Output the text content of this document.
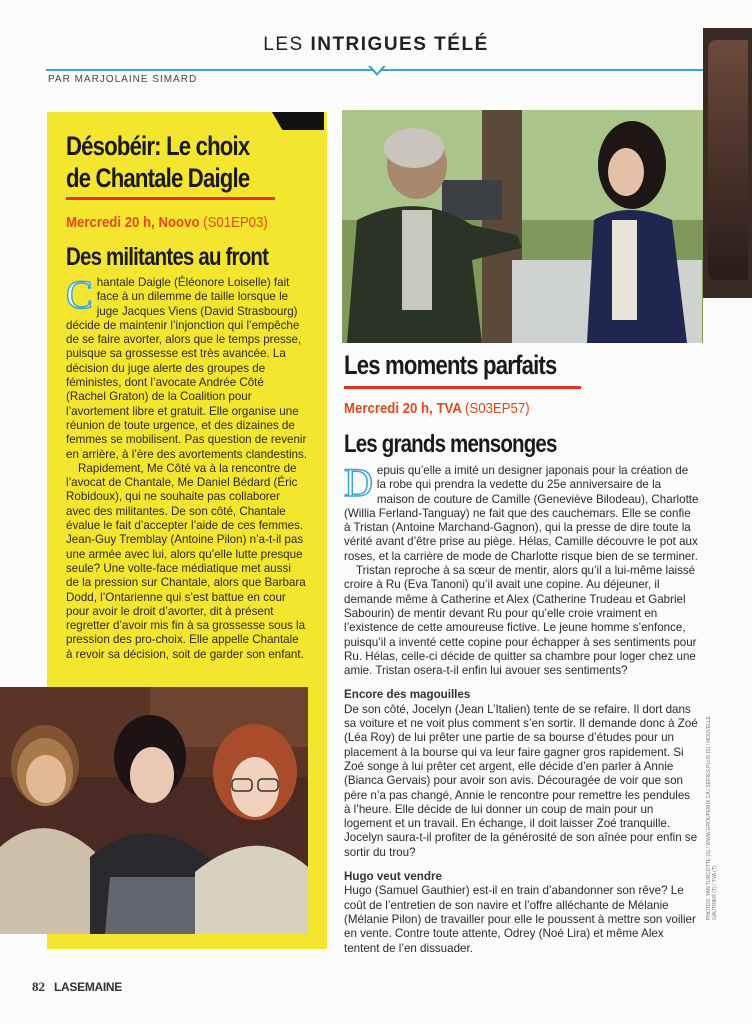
LES INTRIGUES TÉLÉ
PAR MARJOLAINE SIMARD
Désobéir: Le choix
de Chantale Daigle
Mercredi 20 h, Noovo (S01EP03)
Des militantes au front

Chantale Daigle (Éléonore Loiselle) fait face à un dilemme de taille lorsque le juge Jacques Viens (David Strasbourg) décide de maintenir l’injonction qui l’empêche de se faire avorter, alors que le temps presse, puisque sa grossesse est très avancée. La décision du juge alerte des groupes de féministes, dont l’avocate Andrée Côté (Rachel Graton) de la Coalition pour l’avortement libre et gratuit. Elle organise une réunion de toute urgence, et des dizaines de femmes se mobilisent. Pas question de revenir en arrière, à l’ère des avortements clandestins.

Rapidement, Me Côté va à la rencontre de l’avocat de Chantale, Me Daniel Bédard (Éric Robidoux), qui ne souhaite pas collaborer avec des militantes. De son côté, Chantale évalue le fait d’accepter l’aide de ces femmes. Jean-Guy Tremblay (Antoine Pilon) n’a-t-il pas une armée avec lui, alors qu’elle lutte presque seule? Une volte-face médiatique met aussi de la pression sur Chantale, alors que Barbara Dodd, l’Ontarienne qui s’est battue en cour pour avoir le droit d’avorter, dit à présent regretter d’avoir mis fin à sa grossesse sous la pression des pro-choix. Elle appelle Chantale à revoir sa décision, soit de garder son enfant.

Les moments parfaits
Mercredi 20 h, TVA (S03EP57)
Les grands mensonges

Depuis qu’elle a imité un designer japonais pour la création de la robe qui prendra la vedette du 25e anniversaire de la maison de couture de Camille (Geneviève Bilodeau), Charlotte (Willia Ferland-Tanguay) ne fait que des cauchemars. Elle se confie à Tristan (Antoine Marchand-Gagnon), qui la presse de dire toute la vérité avant d’être prise au piège. Hélas, Camille découvre le pot aux roses, et la carrière de mode de Charlotte risque bien de se terminer.

Tristan reproche à sa sœur de mentir, alors qu’il a lui-même laissé croire à Ru (Eva Tanoni) qu’il avait une copine. Au déjeuner, il demande même à Catherine et Alex (Catherine Trudeau et Gabriel Sabourin) de mentir devant Ru pour qu’elle croie vraiment en l’existence de cette amoureuse fictive. Le jeune homme s’enfonce, puisqu’il a inventé cette copine pour échapper à ses sentiments pour Ru. Hélas, celle-ci décide de quitter sa chambre pour loger chez une amie. Tristan osera-t-il enfin lui avouer ses sentiments?

Encore des magouilles

De son côté, Jocelyn (Jean L’Italien) tente de se refaire. Il dort dans sa voiture et ne voit plus comment s’en sortir. Il demande donc à Zoé (Léa Roy) de lui prêter une partie de sa bourse d’études pour un placement à la bourse qui va leur faire gagner gros rapidement. Si Zoé songe à lui prêter cet argent, elle décide d’en parler à Annie (Bianca Gervais) pour avoir son avis. Découragée de voir que son père n’a pas changé, Annie le rencontre pour remettre les pendules à l’heure. Elle décide de lui donner un coup de main pour un logement et un travail. En échange, il doit laisser Zoé tranquille. Jocelyn saura-t-il profiter de la générosité de son aînée pour enfin se sortir du trou?

Hugo veut vendre

Hugo (Samuel Gauthier) est-il en train d’abandonner son rêve? Le coût de l’entretien de son navire et l’offre alléchante de Mélanie (Mélanie Pilon) de travailler pour elle le poussent à mettre son voilier en vente. Contre toute attente, Odrey (Noé Lira) et même Alex tentent de l’en dissuader.

82 LASEMAINE
PHOTOS: YAN TURCOTTE (S) / WWW.GROUPEMIX.CA / SERIES PLUS (S) / NOUVELLE GAUTHIER (T) / TVA (T)
